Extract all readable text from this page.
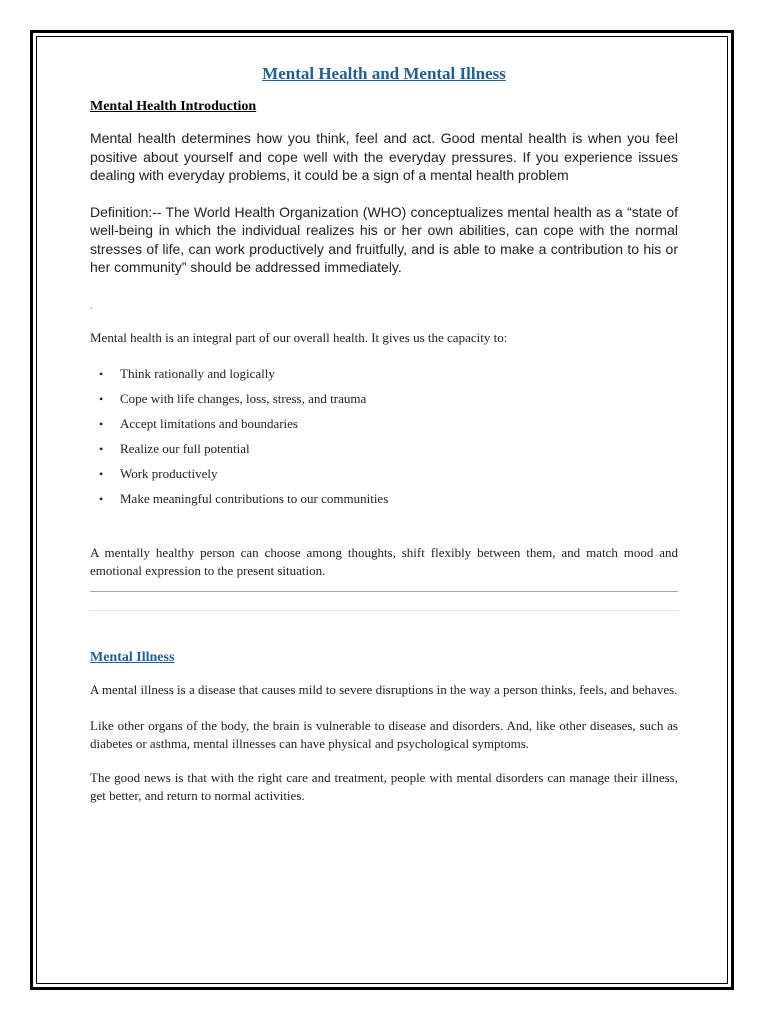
Mental Health and Mental Illness
Mental Health Introduction

Mental health determines how you think, feel and act. Good mental health is when you feel positive about yourself and cope well with the everyday pressures. If you experience issues dealing with everyday problems, it could be a sign of a mental health problem

Definition:-- The World Health Organization (WHO) conceptualizes mental health as a “state of well-being in which the individual realizes his or her own abilities, can cope with the normal stresses of life, can work productively and fruitfully, and is able to make a contribution to his or her community” should be addressed immediately.

.

Mental health is an integral part of our overall health. It gives us the capacity to:

• Think rationally and logically
• Cope with life changes, loss, stress, and trauma
• Accept limitations and boundaries
• Realize our full potential
• Work productively
• Make meaningful contributions to our communities

A mentally healthy person can choose among thoughts, shift flexibly between them, and match mood and emotional expression to the present situation.

Mental Illness

A mental illness is a disease that causes mild to severe disruptions in the way a person thinks, feels, and behaves.

Like other organs of the body, the brain is vulnerable to disease and disorders. And, like other diseases, such as diabetes or asthma, mental illnesses can have physical and psychological symptoms.

The good news is that with the right care and treatment, people with mental disorders can manage their illness, get better, and return to normal activities.
